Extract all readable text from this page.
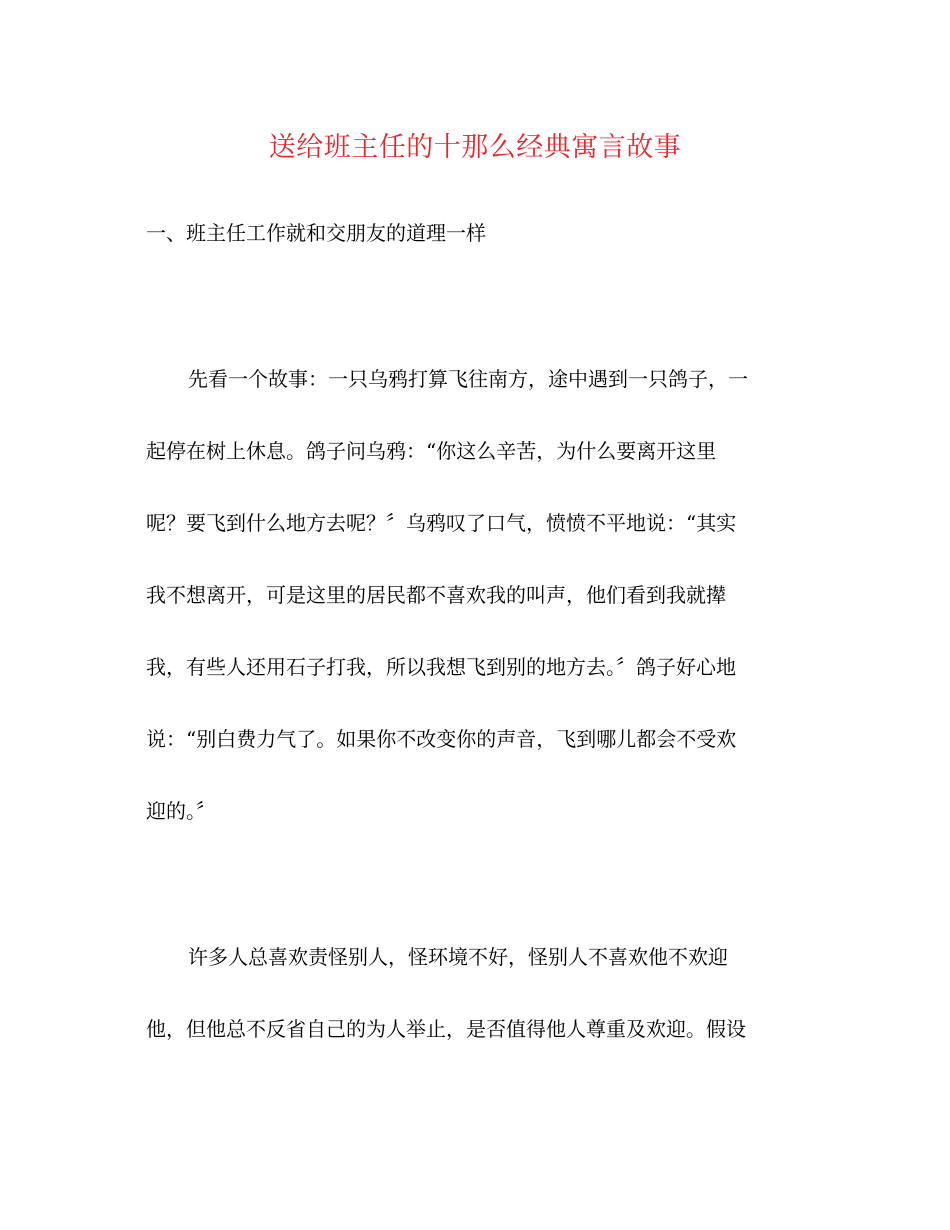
送给班主任的十那么经典寓言故事
一、班主任工作就和交朋友的道理一样
先看一个故事：一只乌鸦打算飞往南方，途中遇到一只鸽子，一
起停在树上休息。鸽子问乌鸦：“你这么辛苦，为什么要离开这里
呢？要飞到什么地方去呢？〞乌鸦叹了口气，愤愤不平地说：“其实
我不想离开，可是这里的居民都不喜欢我的叫声，他们看到我就撵
我，有些人还用石子打我，所以我想飞到别的地方去。〞鸽子好心地
说：“别白费力气了。如果你不改变你的声音，飞到哪儿都会不受欢
迎的。〞
许多人总喜欢责怪别人，怪环境不好，怪别人不喜欢他不欢迎
他，但他总不反省自己的为人举止，是否值得他人尊重及欢迎。假设
